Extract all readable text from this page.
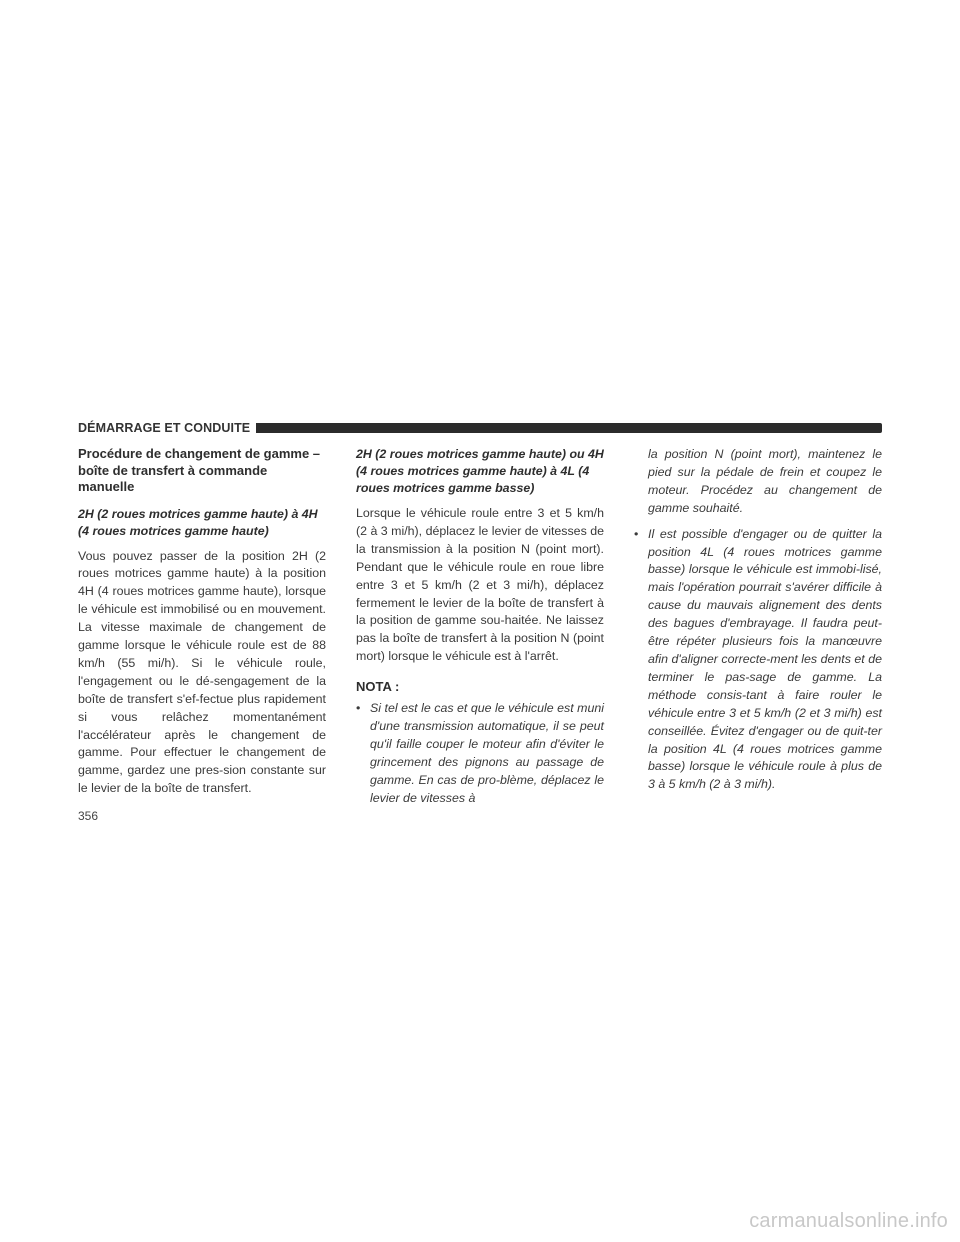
DÉMARRAGE ET CONDUITE
Procédure de changement de gamme – boîte de transfert à commande manuelle
2H (2 roues motrices gamme haute) à 4H (4 roues motrices gamme haute)

Vous pouvez passer de la position 2H (2 roues motrices gamme haute) à la position 4H (4 roues motrices gamme haute), lorsque le véhicule est immobilisé ou en mouvement. La vitesse maximale de changement de gamme lorsque le véhicule roule est de 88 km/h (55 mi/h). Si le véhicule roule, l'engagement ou le dé-sengagement de la boîte de transfert s'ef-fectue plus rapidement si vous relâchez momentanément l'accélérateur après le changement de gamme. Pour effectuer le changement de gamme, gardez une pres-sion constante sur le levier de la boîte de transfert.

2H (2 roues motrices gamme haute) ou 4H (4 roues motrices gamme haute) à 4L (4 roues motrices gamme basse)

Lorsque le véhicule roule entre 3 et 5 km/h (2 à 3 mi/h), déplacez le levier de vitesses de la transmission à la position N (point mort). Pendant que le véhicule roule en roue libre entre 3 et 5 km/h (2 et 3 mi/h), déplacez fermement le levier de la boîte de transfert à la position de gamme sou-haitée. Ne laissez pas la boîte de transfert à la position N (point mort) lorsque le véhicule est à l'arrêt.

NOTA :
• Si tel est le cas et que le véhicule est muni d'une transmission automatique, il se peut qu'il faille couper le moteur afin d'éviter le grincement des pignons au passage de gamme. En cas de pro-blème, déplacez le levier de vitesses à
la position N (point mort), maintenez le pied sur la pédale de frein et coupez le moteur. Procédez au changement de gamme souhaité.
• Il est possible d'engager ou de quitter la position 4L (4 roues motrices gamme basse) lorsque le véhicule est immobi-lisé, mais l'opération pourrait s'avérer difficile à cause du mauvais alignement des dents des bagues d'embrayage. Il faudra peut-être répéter plusieurs fois la manœuvre afin d'aligner correcte-ment les dents et de terminer le pas-sage de gamme. La méthode consis-tant à faire rouler le véhicule entre 3 et 5 km/h (2 et 3 mi/h) est conseillée. Évitez d'engager ou de quit-ter la position 4L (4 roues motrices gamme basse) lorsque le véhicule roule à plus de 3 à 5 km/h (2 à 3 mi/h).
356
carmanualsonline.info
